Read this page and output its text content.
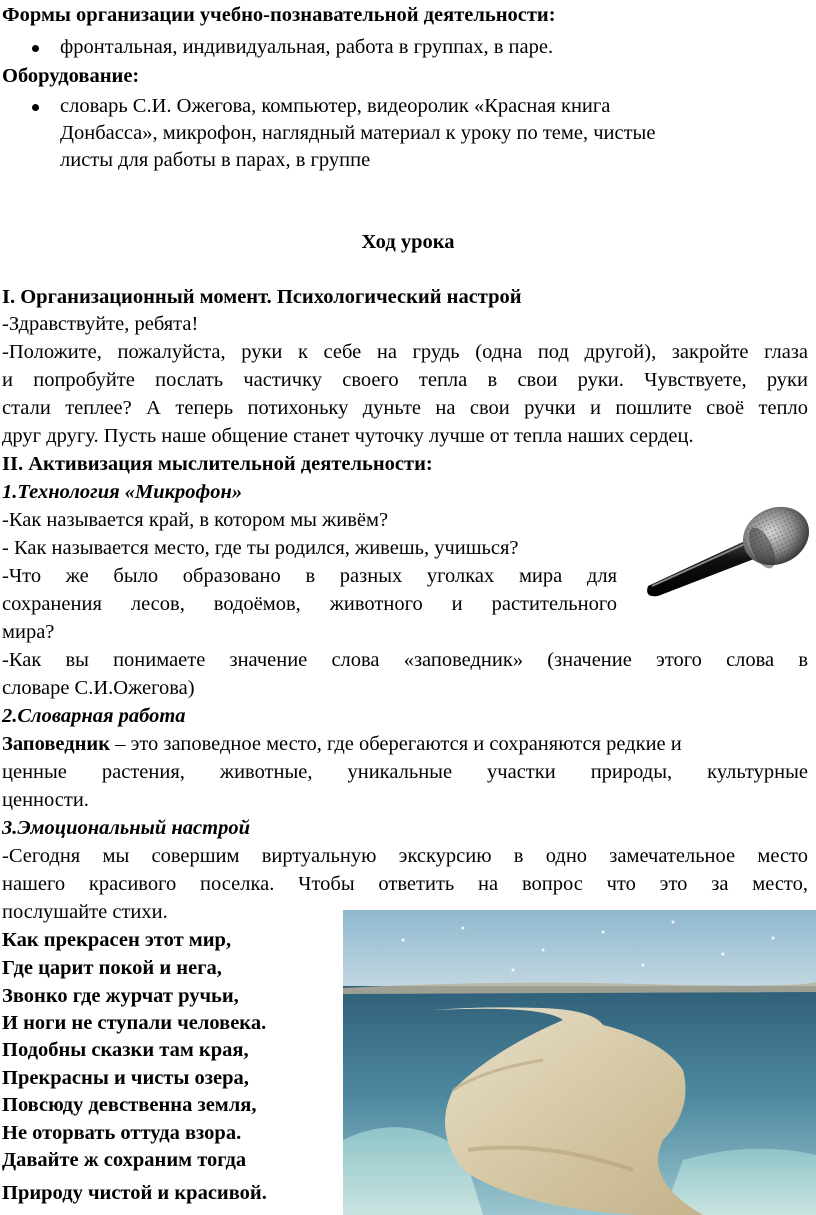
Формы организации учебно-познавательной деятельности:
фронтальная, индивидуальная, работа в группах, в паре.
Оборудование:
словарь С.И. Ожегова, компьютер, видеоролик «Красная книга
Донбасса», микрофон, наглядный материал к уроку по теме, чистые
листы для работы в парах, в группе
Ход урока
I. Организационный момент. Психологический настрой
-Здравствуйте, ребята!
-Положите, пожалуйста, руки к себе на грудь (одна под другой), закройте глаза
и попробуйте послать частичку своего тепла в свои руки. Чувствуете, руки
стали теплее? А теперь потихоньку дуньте на свои ручки и пошлите своё тепло
друг другу. Пусть наше общение станет чуточку лучше от тепла наших сердец.
II. Активизация мыслительной деятельности:
1.Технология «Микрофон»
-Как называется край, в котором мы живём?
- Как называется место, где ты родился, живешь, учишься?
-Что же было образовано в разных уголках мира для
сохранения лесов, водоёмов, животного и растительного
мира?
-Как вы понимаете значение слова «заповедник» (значение этого слова в
словаре С.И.Ожегова)
2.Словарная работа
Заповедник – это заповедное место, где оберегаются и сохраняются редкие и
ценные растения, животные, уникальные участки природы, культурные
ценности.
3.Эмоциональный настрой
-Сегодня мы совершим виртуальную экскурсию в одно замечательное место
нашего красивого поселка. Чтобы ответить на вопрос что это за место,
послушайте стихи.
Как прекрасен этот мир,
Где царит покой и нега,
Звонко где журчат ручьи,
И ноги не ступали человека.
Подобны сказки там края,
Прекрасны и чисты озера,
Повсюду девственна земля,
Не оторвать оттуда взора.
Давайте ж сохраним тогда
Природу чистой и красивой.
